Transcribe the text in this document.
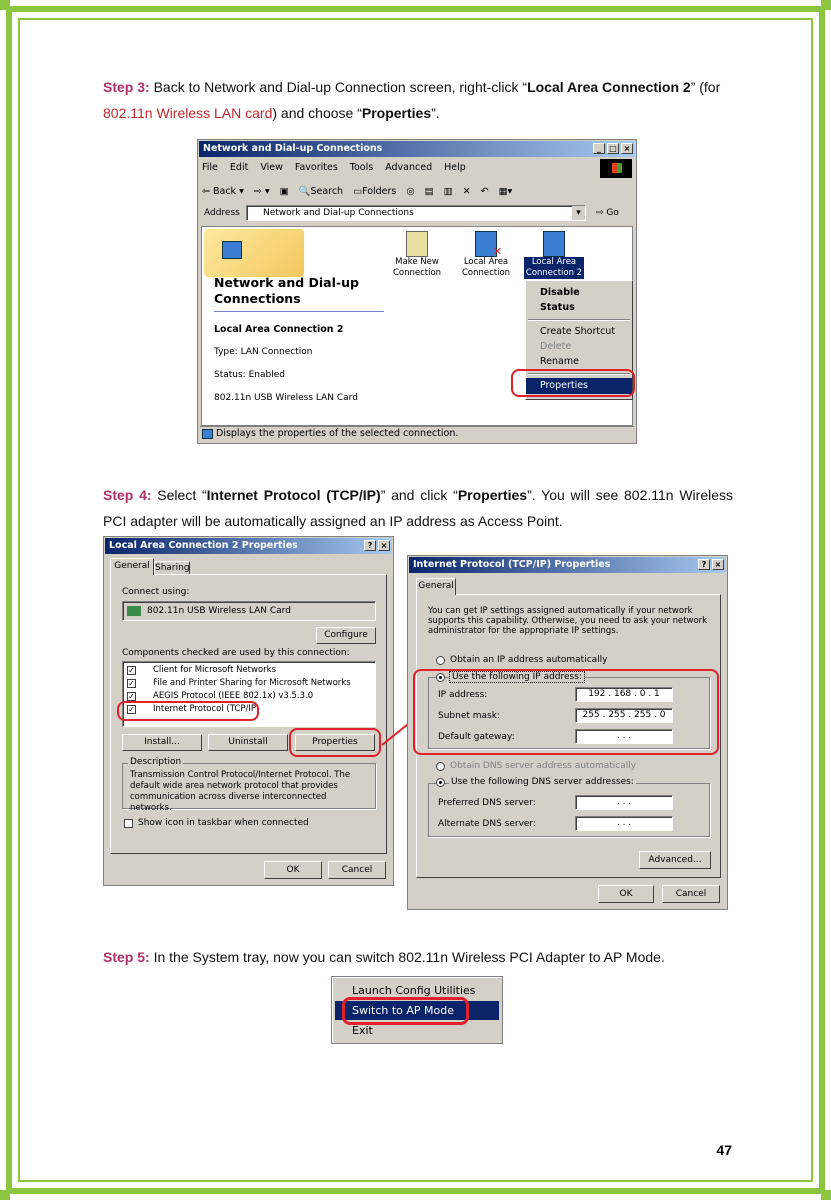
Step 3: Back to Network and Dial-up Connection screen, right-click “Local Area Connection 2” (for 802.11n Wireless LAN card) and choose “Properties”.
Network and Dial-up Connections	_	□ ×
File Edit View Favorites Tools Advanced Help
⇦ Back ▾ ⇨ ▾ ▣ 🔍Search ▭Folders ◎ ▤ ▥ ✕ ↶ ▦▾
Address	Network and Dial-up Connections	▾	⇨ Go
Network and Dial-up Connections
Local Area Connection 2
Type: LAN Connection
Status: Enabled
802.11n USB Wireless LAN Card
Make New Connection
✕
Local Area Connection
Local Area Connection 2
Disable
Status
Create Shortcut
Delete
Rename
Properties
Displays the properties of the selected connection.
Step 4: Select “Internet Protocol (TCP/IP)” and click “Properties”. You will see 802.11n Wireless PCI adapter will be automatically assigned an IP address as Access Point.
Local Area Connection 2 Properties	?	×
General Sharing
Connect using:
802.11n USB Wireless LAN Card
Configure
Components checked are used by this connection:
✓ Client for Microsoft Networks
✓ File and Printer Sharing for Microsoft Networks
✓ AEGIS Protocol (IEEE 802.1x) v3.5.3.0
✓ Internet Protocol (TCP/IP)
Install...	Uninstall	Properties
Description
Transmission Control Protocol/Internet Protocol. The default wide area network protocol that provides communication across diverse interconnected networks.
Show icon in taskbar when connected
OK	Cancel
Internet Protocol (TCP/IP) Properties	?	×
General
You can get IP settings assigned automatically if your network supports this capability. Otherwise, you need to ask your network administrator for the appropriate IP settings.
Obtain an IP address automatically
Use the following IP address:
IP address:	192 . 168 . 0 . 1
Subnet mask:	255 . 255 . 255 . 0
Default gateway:	. . .
Obtain DNS server address automatically
Use the following DNS server addresses:
Preferred DNS server:	. . .
Alternate DNS server:	. . .
Advanced...
OK	Cancel
Step 5: In the System tray, now you can switch 802.11n Wireless PCI Adapter to AP Mode.
Launch Config Utilities
Switch to AP Mode
Exit
47
